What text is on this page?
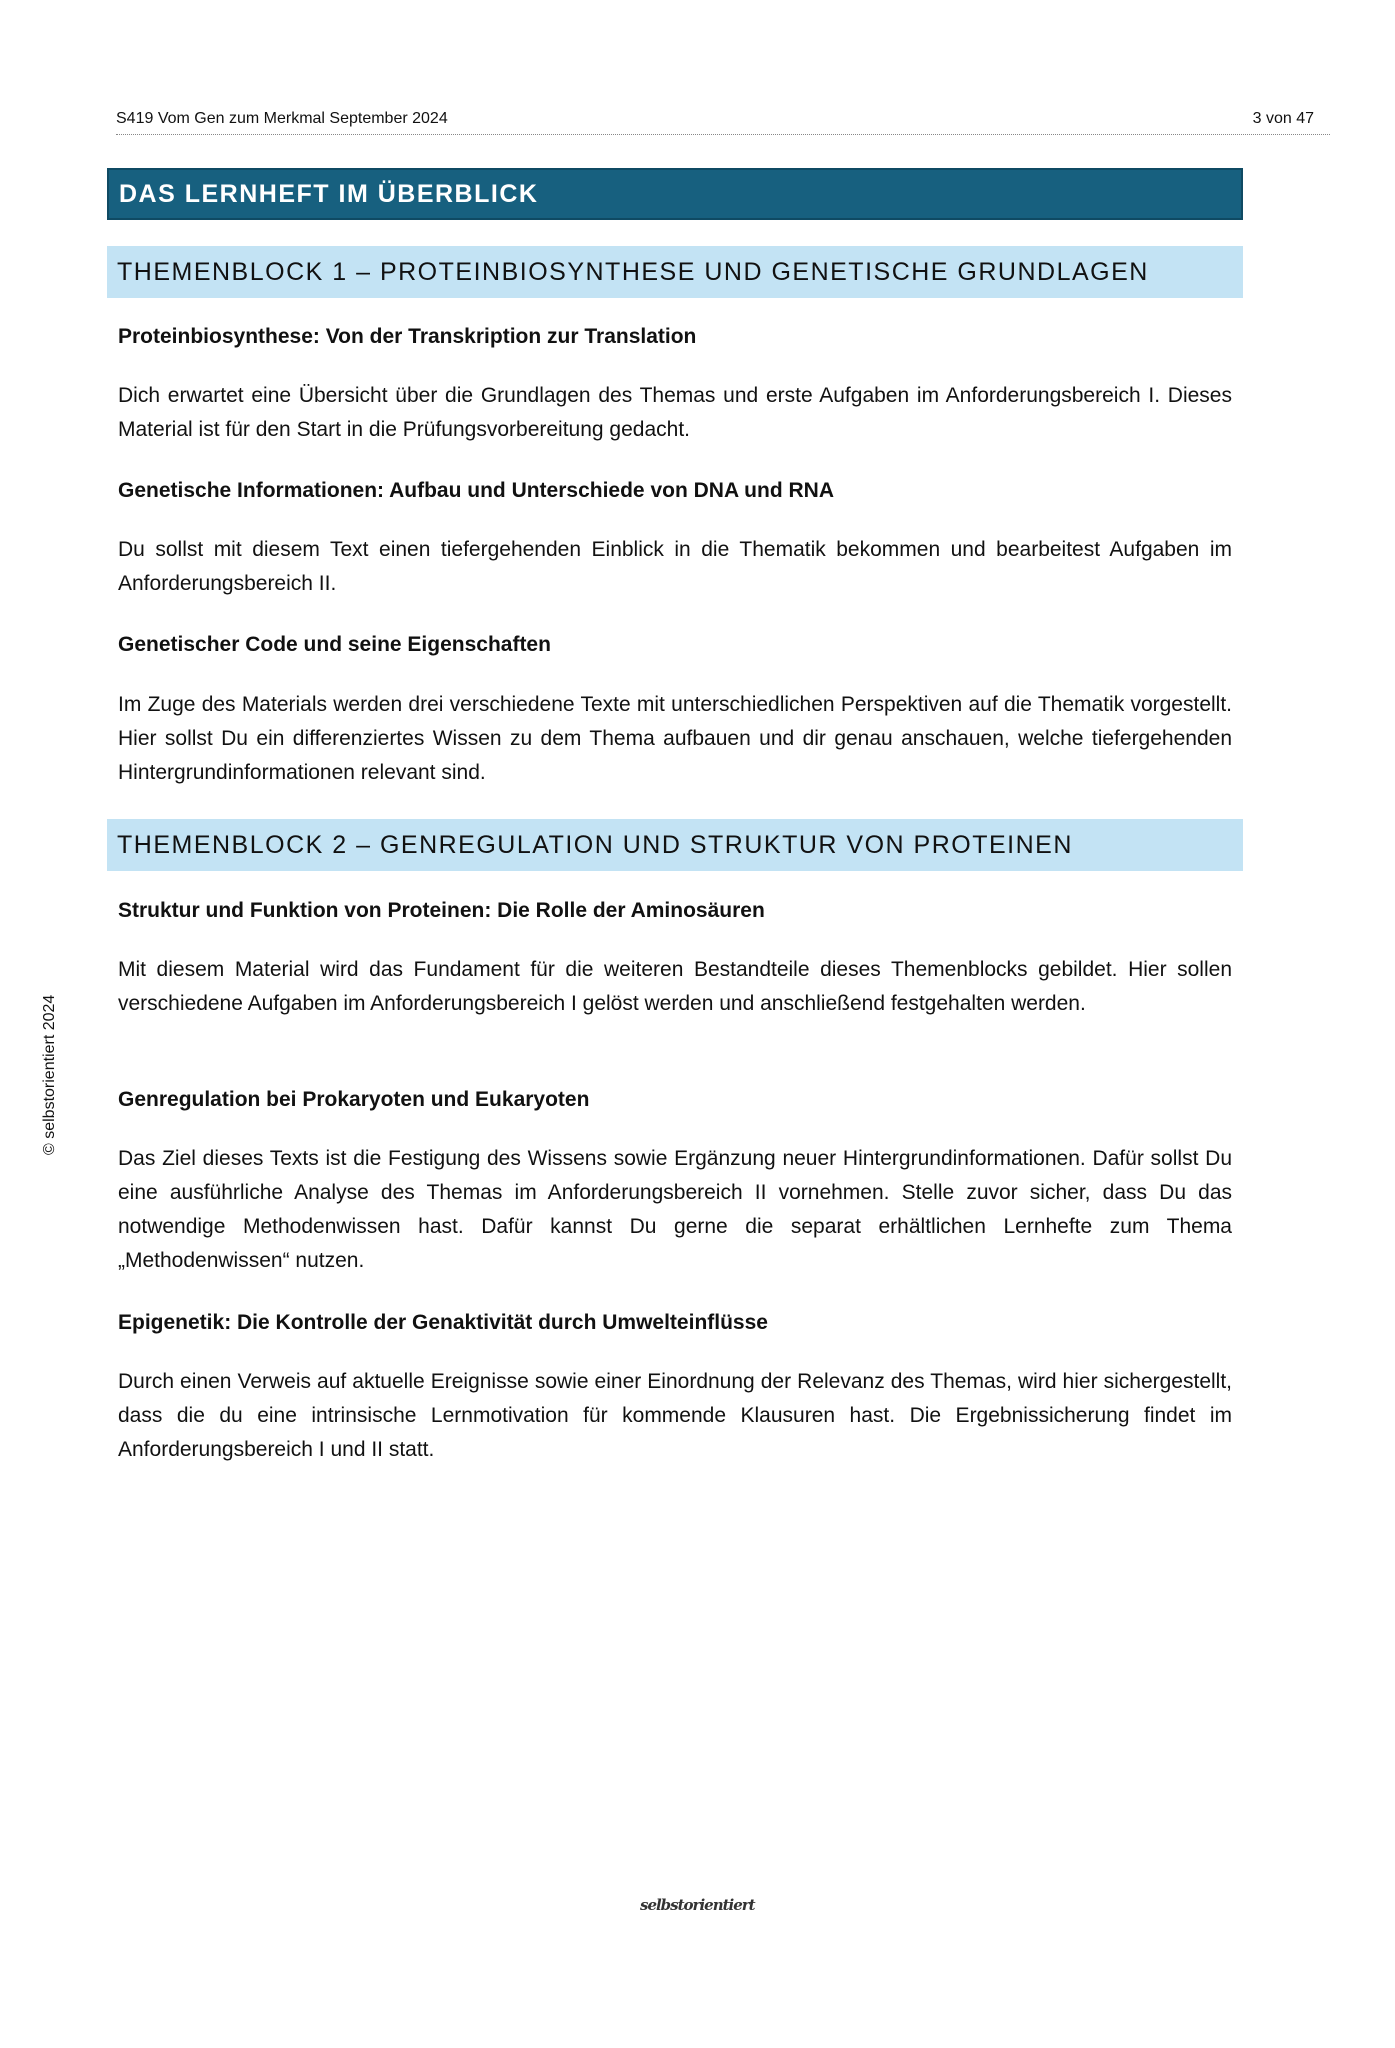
S419 Vom Gen zum Merkmal September 2024	3 von 47
DAS LERNHEFT IM ÜBERBLICK
THEMENBLOCK 1 – PROTEINBIOSYNTHESE UND GENETISCHE GRUNDLAGEN
Proteinbiosynthese: Von der Transkription zur Translation
Dich erwartet eine Übersicht über die Grundlagen des Themas und erste Aufgaben im Anforderungsbereich I. Dieses Material ist für den Start in die Prüfungsvorbereitung gedacht.
Genetische Informationen: Aufbau und Unterschiede von DNA und RNA
Du sollst mit diesem Text einen tiefergehenden Einblick in die Thematik bekommen und bearbeitest Aufgaben im Anforderungsbereich II.
Genetischer Code und seine Eigenschaften
Im Zuge des Materials werden drei verschiedene Texte mit unterschiedlichen Perspektiven auf die Thematik vorgestellt. Hier sollst Du ein differenziertes Wissen zu dem Thema aufbauen und dir genau anschauen, welche tiefergehenden Hintergrundinformationen relevant sind.
THEMENBLOCK 2 – GENREGULATION UND STRUKTUR VON PROTEINEN
Struktur und Funktion von Proteinen: Die Rolle der Aminosäuren
Mit diesem Material wird das Fundament für die weiteren Bestandteile dieses Themenblocks gebildet. Hier sollen verschiedene Aufgaben im Anforderungsbereich I gelöst werden und anschließend festgehalten werden.
Genregulation bei Prokaryoten und Eukaryoten
Das Ziel dieses Texts ist die Festigung des Wissens sowie Ergänzung neuer Hintergrundinformationen. Dafür sollst Du eine ausführliche Analyse des Themas im Anforderungsbereich II vornehmen. Stelle zuvor sicher, dass Du das notwendige Methodenwissen hast. Dafür kannst Du gerne die separat erhältlichen Lernhefte zum Thema „Methodenwissen“ nutzen.
Epigenetik: Die Kontrolle der Genaktivität durch Umwelteinflüsse
Durch einen Verweis auf aktuelle Ereignisse sowie einer Einordnung der Relevanz des Themas, wird hier sichergestellt, dass die du eine intrinsische Lernmotivation für kommende Klausuren hast. Die Ergebnissicherung findet im Anforderungsbereich I und II statt.
© selbstorientiert 2024
selbstorientiert
